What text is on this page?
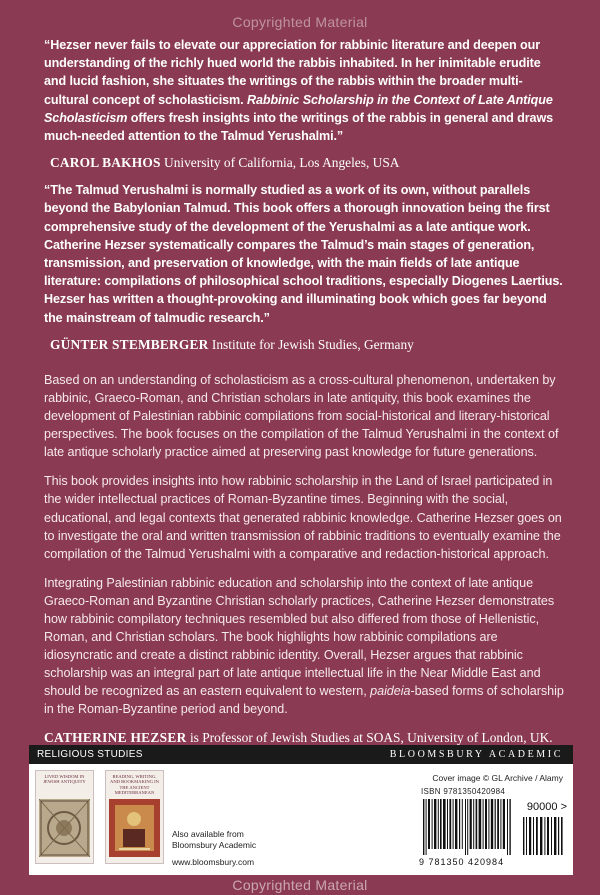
Copyrighted Material

“Hezser never fails to elevate our appreciation for rabbinic literature and deepen our understanding of the richly hued world the rabbis inhabited. In her inimitable erudite and lucid fashion, she situates the writings of the rabbis within the broader multi-cultural concept of scholasticism. Rabbinic Scholarship in the Context of Late Antique Scholasticism offers fresh insights into the writings of the rabbis in general and draws much-needed attention to the Talmud Yerushalmi.”

CAROL BAKHOS University of California, Los Angeles, USA

“The Talmud Yerushalmi is normally studied as a work of its own, without parallels beyond the Babylonian Talmud. This book offers a thorough innovation being the first comprehensive study of the development of the Yerushalmi as a late antique work. Catherine Hezser systematically compares the Talmud’s main stages of generation, transmission, and preservation of knowledge, with the main fields of late antique literature: compilations of philosophical school traditions, especially Diogenes Laertius. Hezser has written a thought-provoking and illuminating book which goes far beyond the mainstream of talmudic research.”

GÜNTER STEMBERGER Institute for Jewish Studies, Germany

Based on an understanding of scholasticism as a cross-cultural phenomenon, undertaken by rabbinic, Graeco-Roman, and Christian scholars in late antiquity, this book examines the development of Palestinian rabbinic compilations from social-historical and literary-historical perspectives. The book focuses on the compilation of the Talmud Yerushalmi in the context of late antique scholarly practice aimed at preserving past knowledge for future generations.

This book provides insights into how rabbinic scholarship in the Land of Israel participated in the wider intellectual practices of Roman-Byzantine times. Beginning with the social, educational, and legal contexts that generated rabbinic knowledge. Catherine Hezser goes on to investigate the oral and written transmission of rabbinic traditions to eventually examine the compilation of the Talmud Yerushalmi with a comparative and redaction-historical approach.

Integrating Palestinian rabbinic education and scholarship into the context of late antique Graeco-Roman and Byzantine Christian scholarly practices, Catherine Hezser demonstrates how rabbinic compilatory techniques resembled but also differed from those of Hellenistic, Roman, and Christian scholars. The book highlights how rabbinic compilations are idiosyncratic and create a distinct rabbinic identity. Overall, Hezser argues that rabbinic scholarship was an integral part of late antique intellectual life in the Near Middle East and should be recognized as an eastern equivalent to western, paideia-based forms of scholarship in the Roman-Byzantine period and beyond.

CATHERINE HEZSER is Professor of Jewish Studies at SOAS, University of London, UK.

RELIGIOUS STUDIES	BLOOMSBURY ACADEMIC
LIVED WISDOM IN JEWISH ANTIQUITY
READING, WRITING, AND BOOKMAKING IN THE ANCIENT MEDITERRANEAN
Also available from
Bloomsbury Academic
www.bloomsbury.com
Cover image © GL Archive / Alamy
ISBN 9781350420984
90000 >
9 781350 420984
Copyrighted Material
